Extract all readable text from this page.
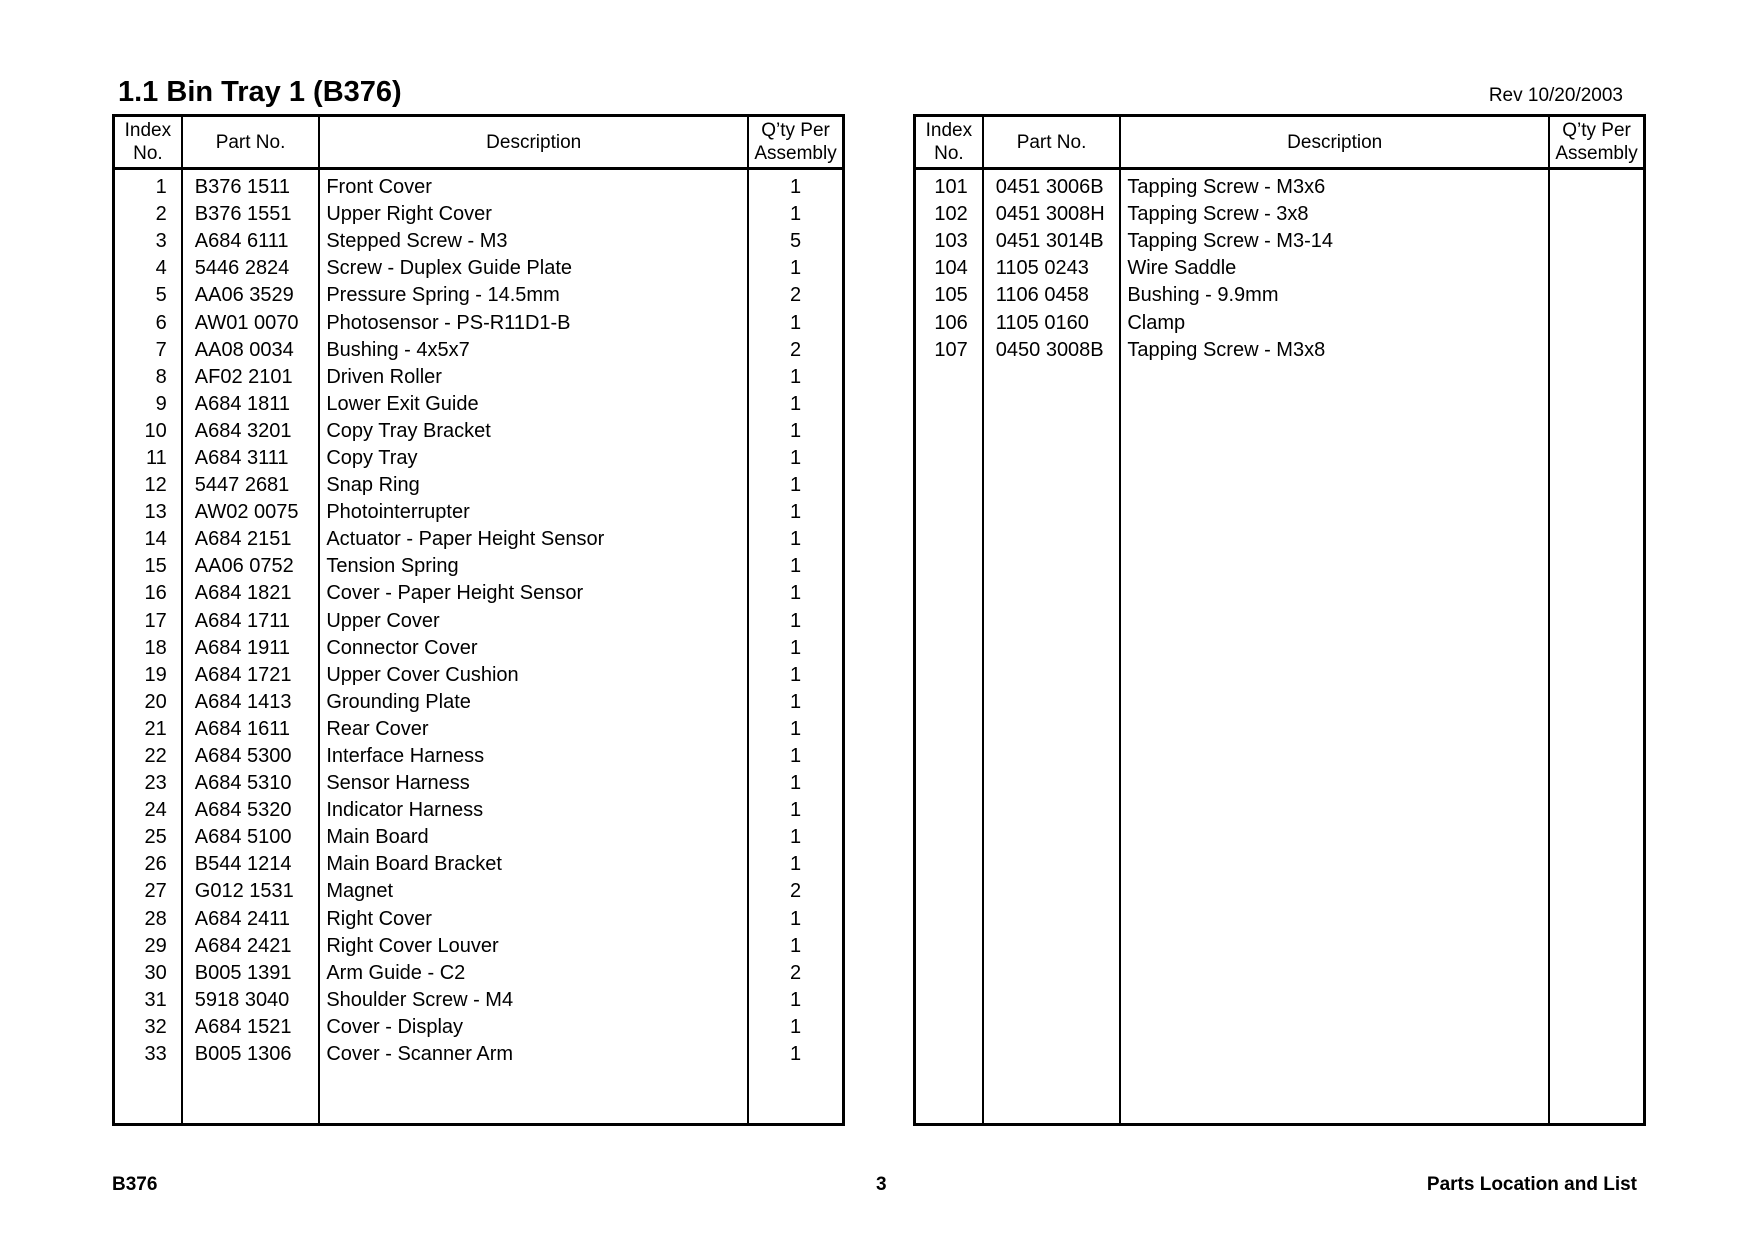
1.1 Bin Tray 1 (B376)	Rev 10/20/2003
Index
No.	Part No.	Description	Q’ty Per
Assembly
1	B376 1511	Front Cover	1
2	B376 1551	Upper Right Cover	1
3	A684 6111	Stepped Screw - M3	5
4	5446 2824	Screw - Duplex Guide Plate	1
5	AA06 3529	Pressure Spring - 14.5mm	2
6	AW01 0070	Photosensor - PS-R11D1-B	1
7	AA08 0034	Bushing - 4x5x7	2
8	AF02 2101	Driven Roller	1
9	A684 1811	Lower Exit Guide	1
10	A684 3201	Copy Tray Bracket	1
11	A684 3111	Copy Tray	1
12	5447 2681	Snap Ring	1
13	AW02 0075	Photointerrupter	1
14	A684 2151	Actuator - Paper Height Sensor	1
15	AA06 0752	Tension Spring	1
16	A684 1821	Cover - Paper Height Sensor	1
17	A684 1711	Upper Cover	1
18	A684 1911	Connector Cover	1
19	A684 1721	Upper Cover Cushion	1
20	A684 1413	Grounding Plate	1
21	A684 1611	Rear Cover	1
22	A684 5300	Interface Harness	1
23	A684 5310	Sensor Harness	1
24	A684 5320	Indicator Harness	1
25	A684 5100	Main Board	1
26	B544 1214	Main Board Bracket	1
27	G012 1531	Magnet	2
28	A684 2411	Right Cover	1
29	A684 2421	Right Cover Louver	1
30	B005 1391	Arm Guide - C2	2
31	5918 3040	Shoulder Screw - M4	1
32	A684 1521	Cover - Display	1
33	B005 1306	Cover - Scanner Arm	1

Index
No.	Part No.	Description	Q’ty Per
Assembly
101	0451 3006B	Tapping Screw - M3x6	
102	0451 3008H	Tapping Screw - 3x8	
103	0451 3014B	Tapping Screw - M3-14	
104	1105 0243	Wire Saddle	
105	1106 0458	Bushing - 9.9mm	
106	1105 0160	Clamp	
107	0450 3008B	Tapping Screw - M3x8	

B376	3	Parts Location and List
